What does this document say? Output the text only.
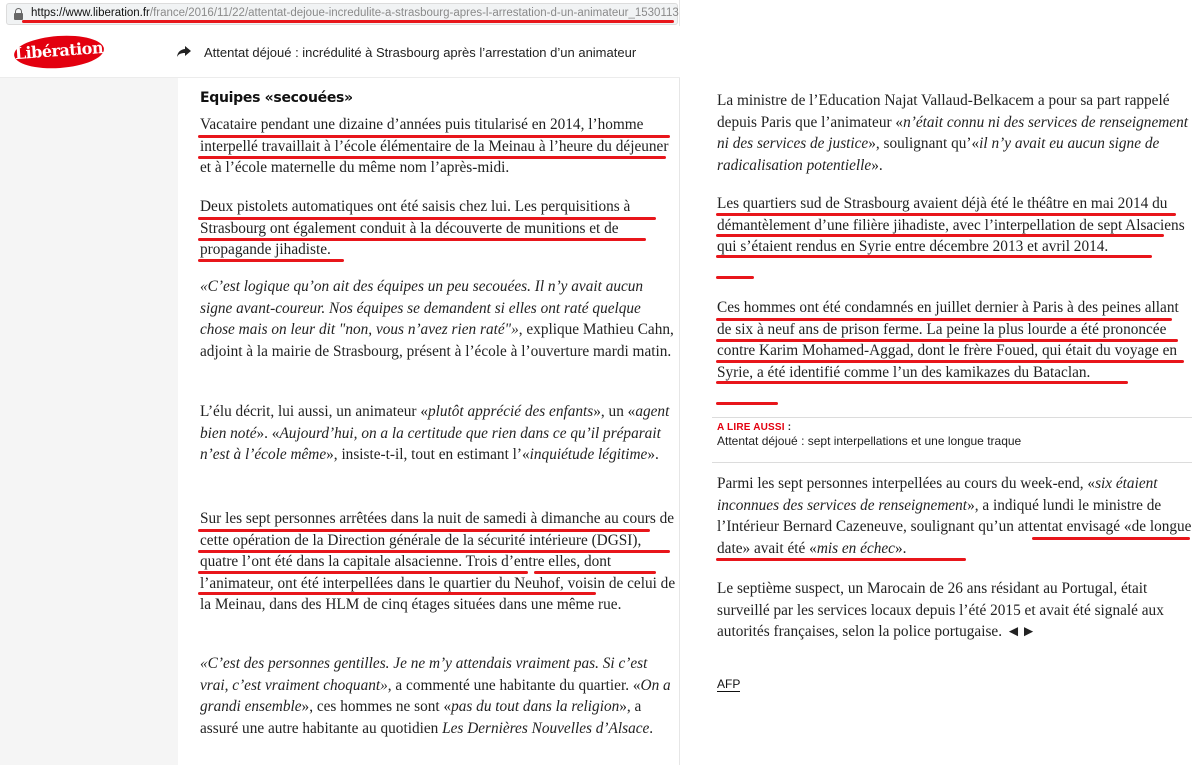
https://www.liberation.fr/france/2016/11/22/attentat-dejoue-incredulite-a-strasbourg-apres-l-arrestation-d-un-animateur_1530113
Libération	Attentat déjoué : incrédulité à Strasbourg après l’arrestation d’un animateur
Equipes «secouées»

Vacataire pendant une dizaine d’années puis titularisé en 2014, l’homme interpellé travaillait à l’école élémentaire de la Meinau à l’heure du déjeuner et à l’école maternelle du même nom l’après-midi.

Deux pistolets automatiques ont été saisis chez lui. Les perquisitions à Strasbourg ont également conduit à la découverte de munitions et de propagande jihadiste.

«C’est logique qu’on ait des équipes un peu secouées. Il n’y avait aucun signe avant-coureur. Nos équipes se demandent si elles ont raté quelque chose mais on leur dit "non, vous n’avez rien raté"», explique Mathieu Cahn, adjoint à la mairie de Strasbourg, présent à l’école à l’ouverture mardi matin.

L’élu décrit, lui aussi, un animateur «plutôt apprécié des enfants», un «agent bien noté». «Aujourd’hui, on a la certitude que rien dans ce qu’il préparait n’est à l’école même», insiste-t-il, tout en estimant l’«inquiétude légitime».

Sur les sept personnes arrêtées dans la nuit de samedi à dimanche au cours de cette opération de la Direction générale de la sécurité intérieure (DGSI), quatre l’ont été dans la capitale alsacienne. Trois d’entre elles, dont l’animateur, ont été interpellées dans le quartier du Neuhof, voisin de celui de la Meinau, dans des HLM de cinq étages situées dans une même rue.

«C’est des personnes gentilles. Je ne m’y attendais vraiment pas. Si c’est vrai, c’est vraiment choquant», a commenté une habitante du quartier. «On a grandi ensemble», ces hommes ne sont «pas du tout dans la religion», a assuré une autre habitante au quotidien Les Dernières Nouvelles d’Alsace.

La ministre de l’Education Najat Vallaud-Belkacem a pour sa part rappelé depuis Paris que l’animateur «n’était connu ni des services de renseignement ni des services de justice», soulignant qu’«il n’y avait eu aucun signe de radicalisation potentielle».

Les quartiers sud de Strasbourg avaient déjà été le théâtre en mai 2014 du démantèlement d’une filière jihadiste, avec l’interpellation de sept Alsaciens qui s’étaient rendus en Syrie entre décembre 2013 et avril 2014.

Ces hommes ont été condamnés en juillet dernier à Paris à des peines allant de six à neuf ans de prison ferme. La peine la plus lourde a été prononcée contre Karim Mohamed-Aggad, dont le frère Foued, qui était du voyage en Syrie, a été identifié comme l’un des kamikazes du Bataclan.

A LIRE AUSSI :
Attentat déjoué : sept interpellations et une longue traque

Parmi les sept personnes interpellées au cours du week-end, «six étaient inconnues des services de renseignement», a indiqué lundi le ministre de l’Intérieur Bernard Cazeneuve, soulignant qu’un attentat envisagé «de longue date» avait été «mis en échec».

Le septième suspect, un Marocain de 26 ans résidant au Portugal, était surveillé par les services locaux depuis l’été 2015 et avait été signalé aux autorités françaises, selon la police portugaise. ◄►

AFP
